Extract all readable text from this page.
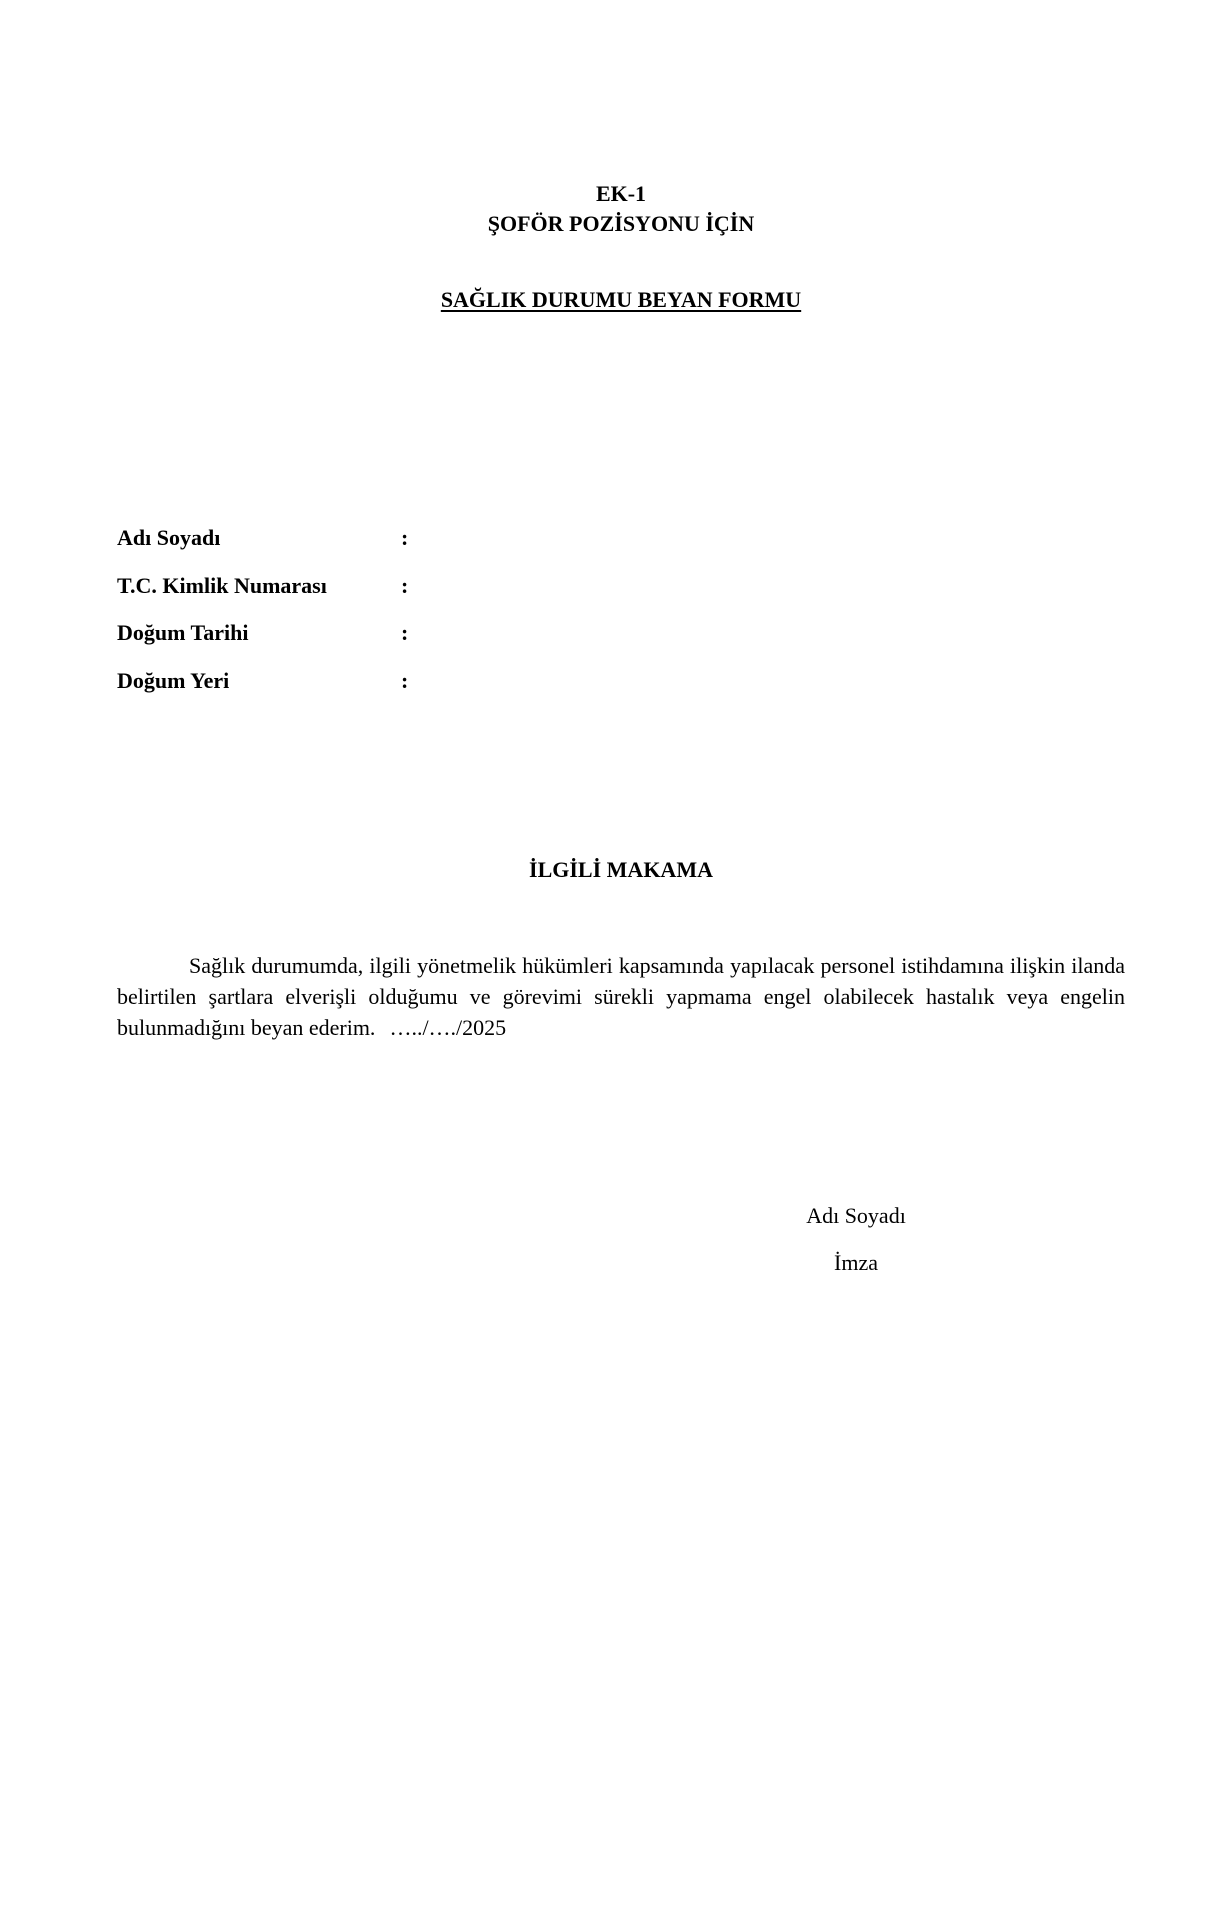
EK-1
ŞOFÖR POZİSYONU İÇİN
SAĞLIK DURUMU BEYAN FORMU
Adı Soyadı	:
T.C. Kimlik Numarası	:
Doğum Tarihi	:
Doğum Yeri	:
İLGİLİ MAKAMA
Sağlık durumumda, ilgili yönetmelik hükümleri kapsamında yapılacak personel istihdamına ilişkin ilanda belirtilen şartlara elverişli olduğumu ve görevimi sürekli yapmama engel olabilecek hastalık veya engelin bulunmadığını beyan ederim. …../…./2025
Adı Soyadı
İmza
